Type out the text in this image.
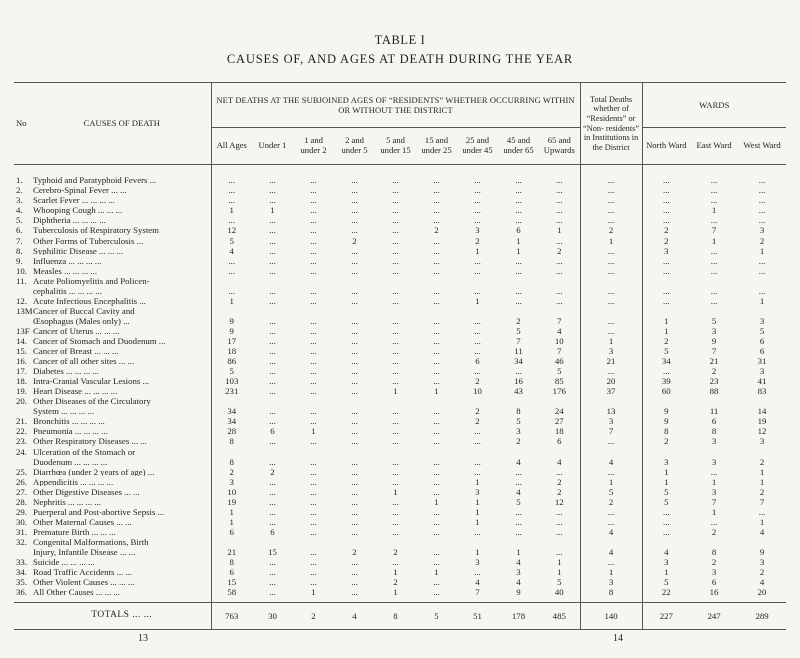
TABLE I
CAUSES OF, AND AGES AT DEATH DURING THE YEAR
No	CAUSES OF DEATH	NET DEATHS AT THE SUBJOINED AGES OF “RESIDENTS” WHETHER OCCURRING WITHIN OR WITHOUT THE DISTRICT									Total Deaths whether of “Residents” or “Non- residents” in Institutions in the District	WARDS		
		All Ages	Under 1	1 and under 2	2 and under 5	5 and under 15	15 and under 25	25 and under 45	45 and under 65	65 and Upwards		North Ward	East Ward	West Ward
1.	Typhoid and Paratyphoid Fevers ...	...	...	...	...	...	...	...	...	...	...	...	...	...
2.	Cerebro-Spinal Fever ... ...	...	...	...	...	...	...	...	...	...	...	...	...	...
3.	Scarlet Fever ... ... ... ...	...	...	...	...	...	...	...	...	...	...	...	...	...
4.	Whooping Cough ... ... ...	1	1	...	...	...	...	...	...	...	...	...	1	...
5.	Diphtheria ... ... ... ...	...	...	...	...	...	...	...	...	...	...	...	...	...
6.	Tuberculosis of Respiratory System	12	...	...	...	...	2	3	6	1	2	2	7	3
7.	Other Forms of Tuberculosis ...	5	...	...	2	...	...	2	1	...	1	2	1	2
8.	Syphilitic Disease ... ... ...	4	...	...	...	...	...	1	1	2	...	3	...	1
9.	Influenza ... ... ... ...	...	...	...	...	...	...	...	...	...	...	...	...	...
10.	Measles ... ... ... ...	...	...	...	...	...	...	...	...	...	...	...	...	...
11.	Acute Poliomyelitis and Policen-													
	cephalitis ... ... ... ...	...	...	...	...	...	...	...	...	...	...	...	...	...
12.	Acute Infectious Encephalitis ...	1	...	...	...	...	...	1	...	...	...	...	...	1
13M	Cancer of Buccal Cavity and													
	Œsophagus (Males only) ...	9	...	...	...	...	...	...	2	7	...	1	5	3
13F	Cancer of Uterus ... ... ...	9	...	...	...	...	...	...	5	4	...	1	3	5
14.	Cancer of Stomach and Duodenum ...	17	...	...	...	...	...	...	7	10	1	2	9	6
15.	Cancer of Breast ... ... ...	18	...	...	...	...	...	...	11	7	3	5	7	6
16.	Cancer of all other sites ... ...	86	...	...	...	...	...	6	34	46	21	34	21	31
17.	Diabetes ... ... ... ...	5	...	...	...	...	...	...	...	5	...	...	2	3
18.	Intra-Cranial Vascular Lesions ...	103	...	...	...	...	...	2	16	85	20	39	23	41
19.	Heart Disease ... ... ... ...	231	...	...	...	1	1	10	43	176	37	60	88	83
20.	Other Diseases of the Circulatory													
	System ... ... ... ...	34	...	...	...	...	...	2	8	24	13	9	11	14
21.	Bronchitis ... ... ... ...	34	...	...	...	...	...	2	5	27	3	9	6	19
22.	Pneumonia ... ... ... ...	28	6	1	...	...	...	...	3	18	7	8	8	12
23.	Other Respiratory Diseases ... ...	8	...	...	...	...	...	...	2	6	...	2	3	3
24.	Ulceration of the Stomach or													
	Duodenum ... ... ... ...	8	...	...	...	...	...	...	4	4	4	3	3	2
25.	Diarrhœa (under 2 years of age) ...	2	2	...	...	...	...	...	...	...	...	1	...	1
26.	Appendicitis ... ... ... ...	3	...	...	...	...	...	1	...	2	1	1	1	1
27.	Other Digestive Diseases ... ...	10	...	...	...	1	...	3	4	2	5	5	3	2
28.	Nephritis ... ... ... ...	19	...	...	...	...	1	1	5	12	2	5	7	7
29.	Puerperal and Post-abortive Sepsis ...	1	...	...	...	...	...	1	...	...	...	...	1	...
30.	Other Maternal Causes ... ...	1	...	...	...	...	...	1	...	...	...	...	...	1
31.	Premature Birth ... ... ...	6	6	...	...	...	...	...	...	...	4	...	2	4
32.	Congenital Malformations, Birth													
	Injury, Infantile Disease ... ...	21	15	...	2	2	...	1	1	...	4	4	8	9
33.	Suicide ... ... ... ...	8	...	...	...	...	...	3	4	1	...	3	2	3
34.	Road Traffic Accidents ... ...	6	...	...	...	1	1	...	3	1	1	1	3	2
35.	Other Violent Causes ... ... ...	15	...	...	...	2	...	4	4	5	3	5	6	4
36.	All Other Causes ... ... ...	58	...	1	...	1	...	7	9	40	8	22	16	20

	TOTALS ... ...	763	30	2	4	8	5	51	178	485	140	227	247	289
13	14
